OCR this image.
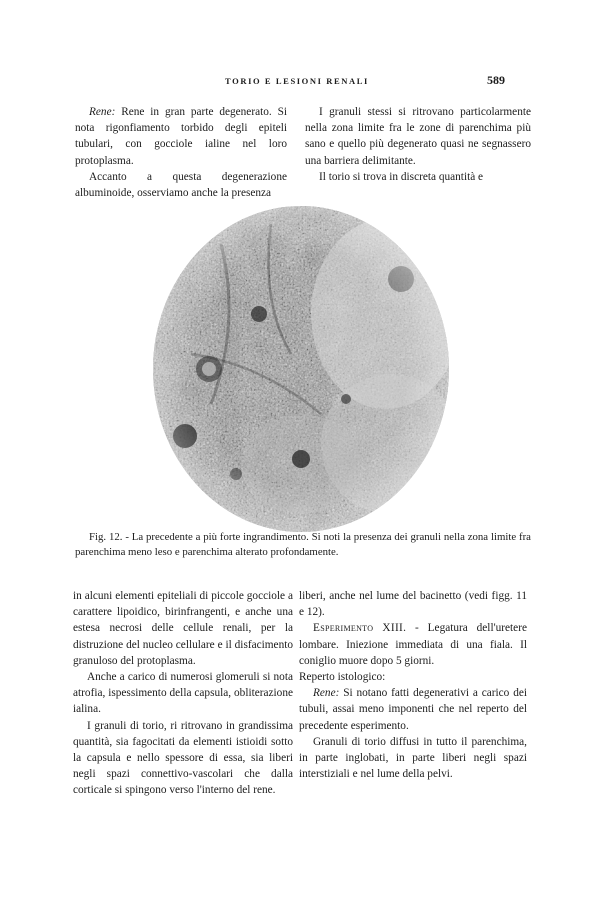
TORIO E LESIONI RENALI	589

Rene: Rene in gran parte degenerato. Si nota rigonfiamento torbido degli epiteli tubulari, con gocciole ialine nel loro protoplasma.

Accanto a questa degenerazione albuminoide, osserviamo anche la presenza

I granuli stessi si ritrovano particolarmente nella zona limite fra le zone di parenchima più sano e quello più degenerato quasi ne segnassero una barriera delimitante.

Il torio si trova in discreta quantità e

Fig. 12. - La precedente a più forte ingrandimento. Si noti la presenza dei granuli nella zona limite fra parenchima meno leso e parenchima alterato profondamente.

in alcuni elementi epiteliali di piccole gocciole a carattere lipoidico, birinfrangenti, e anche una estesa necrosi delle cellule renali, per la distruzione del nucleo cellulare e il disfacimento granuloso del protoplasma.

Anche a carico di numerosi glomeruli si nota atrofia, ispessimento della capsula, obliterazione ialina.

I granuli di torio, ri ritrovano in grandissima quantità, sia fagocitati da elementi istioidi sotto la capsula e nello spessore di essa, sia liberi negli spazi connettivo-vascolari che dalla corticale si spingono verso l'interno del rene.

liberi, anche nel lume del bacinetto (vedi figg. 11 e 12).

Esperimento XIII. - Legatura dell'uretere lombare. Iniezione immediata di una fiala. Il coniglio muore dopo 5 giorni.

Reperto istologico:

Rene: Si notano fatti degenerativi a carico dei tubuli, assai meno imponenti che nel reperto del precedente esperimento.

Granuli di torio diffusi in tutto il parenchima, in parte inglobati, in parte liberi negli spazi interstiziali e nel lume della pelvi.
